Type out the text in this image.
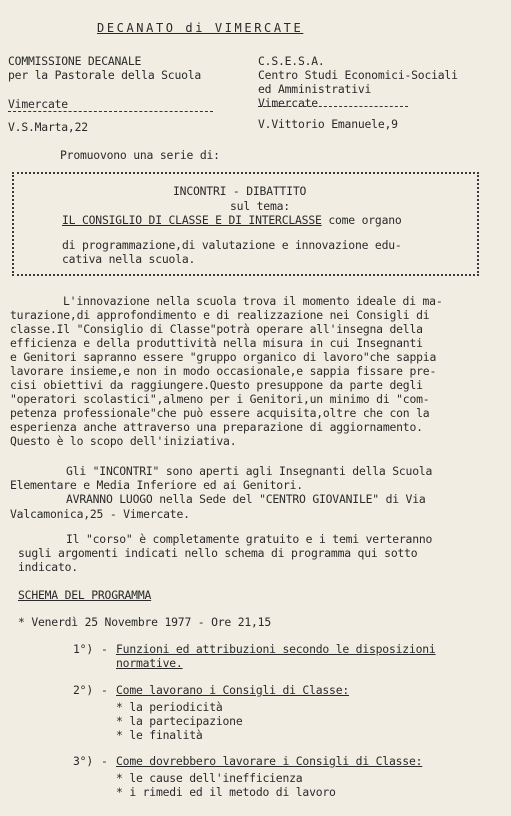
DECANATO di VIMERCATE
COMMISSIONE DECANALE
per la Pastorale della Scuola
Vimercate
V.S.Marta,22
C.S.E.S.A.
Centro Studi Economici-Sociali
ed Amministrativi
Vimercate
V.Vittorio Emanuele,9
Promuovono una serie di:
INCONTRI - DIBATTITO
sul tema:
IL CONSIGLIO DI CLASSE E DI INTERCLASSE come organo
di programmazione,di valutazione e innovazione edu-
cativa nella scuola.
L'innovazione nella scuola trova il momento ideale di ma-
turazione,di approfondimento e di realizzazione nei Consigli di
classe.Il "Consiglio di Classe"potrà operare all'insegna della
efficienza e della produttività nella misura in cui Insegnanti
e Genitori sapranno essere "gruppo organico di lavoro"che sappia
lavorare insieme,e non in modo occasionale,e sappia fissare pre-
cisi obiettivi da raggiungere.Questo presuppone da parte degli
"operatori scolastici",almeno per i Genitori,un minimo di "com-
petenza professionale"che può essere acquisita,oltre che con la
esperienza anche attraverso una preparazione di aggiornamento.
Questo è lo scopo dell'iniziativa.
Gli "INCONTRI" sono aperti agli Insegnanti della Scuola
Elementare e Media Inferiore ed ai Genitori.
AVRANNO LUOGO nella Sede del "CENTRO GIOVANILE" di Via
Valcamonica,25 - Vimercate.
Il "corso" è completamente gratuito e i temi verteranno
sugli argomenti indicati nello schema di programma qui sotto
indicato.
SCHEMA DEL PROGRAMMA
* Venerdì 25 Novembre 1977 - Ore 21,15
1°) - Funzioni ed attribuzioni secondo le disposizioni
normative.
2°) - Come lavorano i Consigli di Classe:
* la periodicità
* la partecipazione
* le finalità
3°) - Come dovrebbero lavorare i Consigli di Classe:
* le cause dell'inefficienza
* i rimedi ed il metodo di lavoro
